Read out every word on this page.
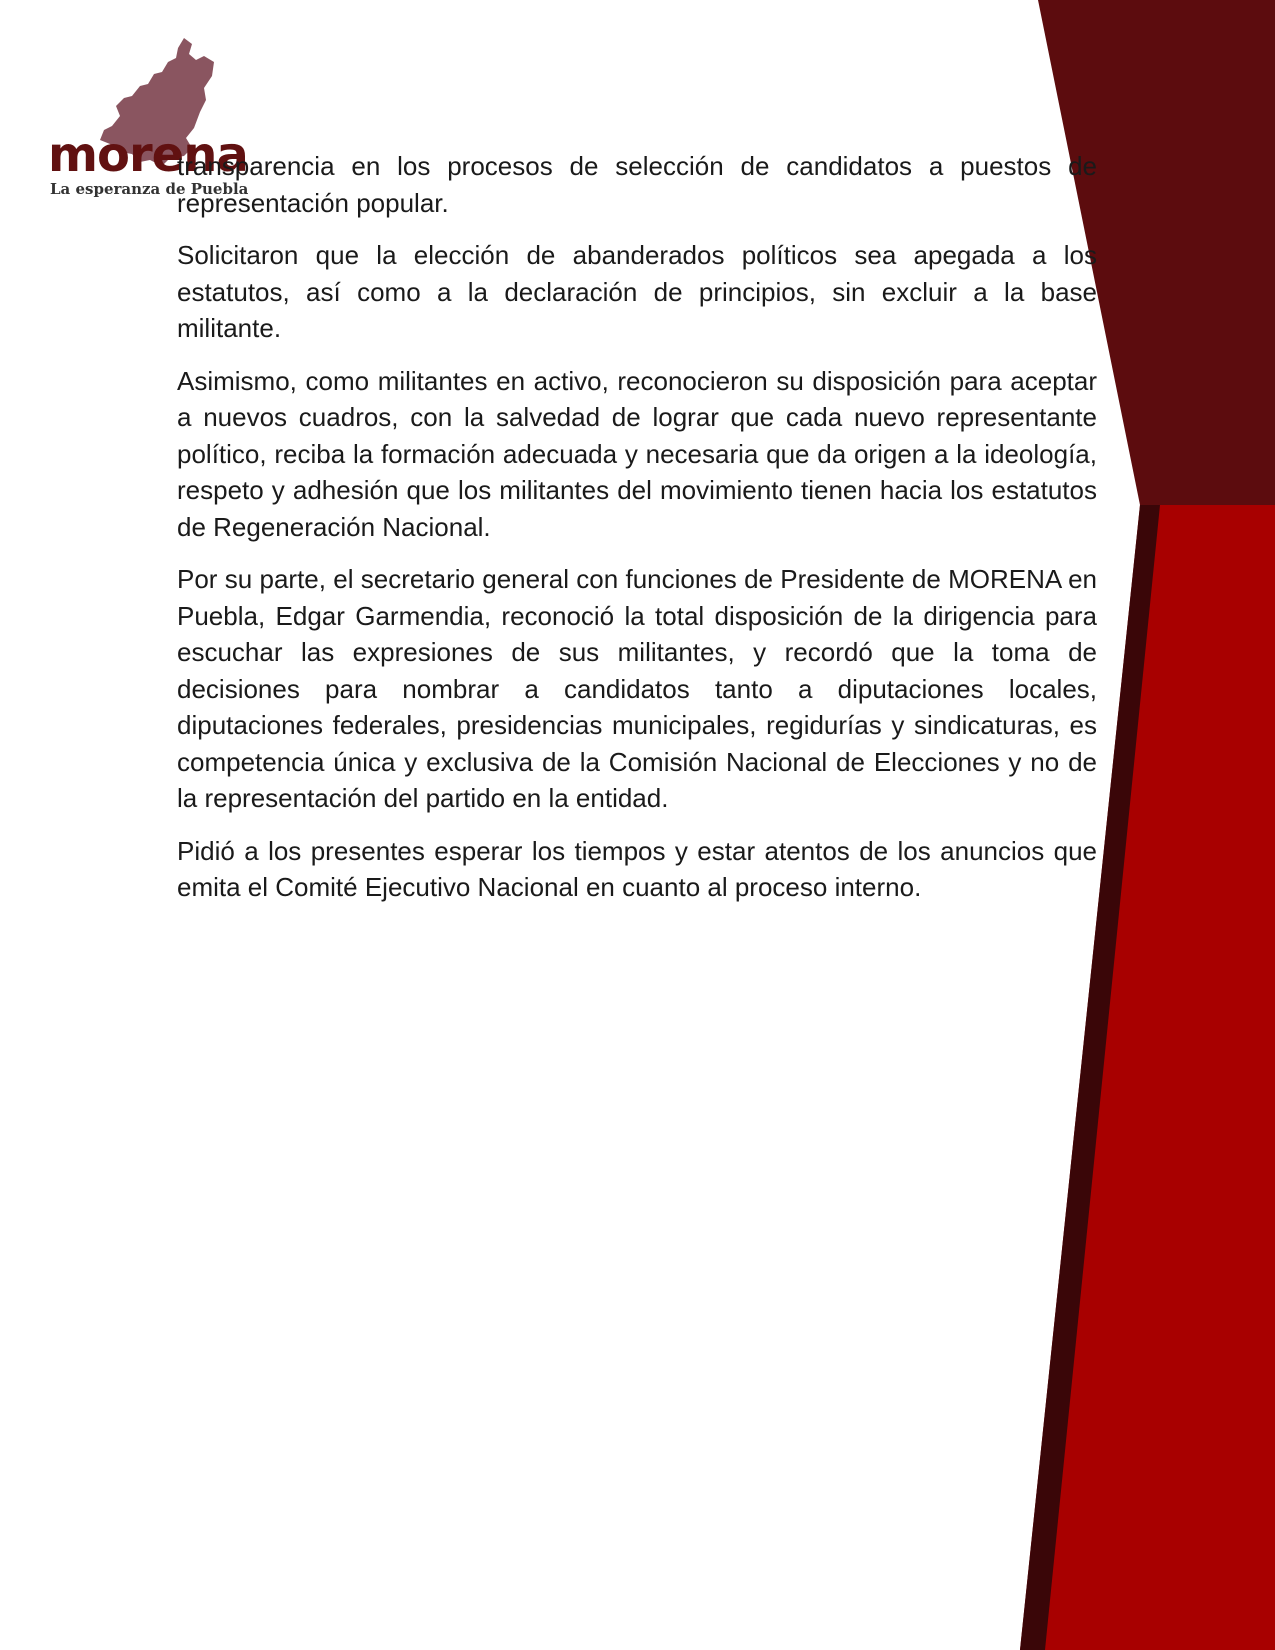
morena
La esperanza de Puebla

transparencia en los procesos de selección de candidatos a puestos de representación popular.

Solicitaron que la elección de abanderados políticos sea apegada a los estatutos, así como a la declaración de principios, sin excluir a la base militante.

Asimismo, como militantes en activo, reconocieron su disposición para aceptar a nuevos cuadros, con la salvedad de lograr que cada nuevo representante político, reciba la formación adecuada y necesaria que da origen a la ideología, respeto y adhesión que los militantes del movimiento tienen hacia los estatutos de Regeneración Nacional.

Por su parte, el secretario general con funciones de Presidente de MORENA en Puebla, Edgar Garmendia, reconoció la total disposición de la dirigencia para escuchar las expresiones de sus militantes, y recordó que la toma de decisiones para nombrar a candidatos tanto a diputaciones locales, diputaciones federales, presidencias municipales, regidurías y sindicaturas, es competencia única y exclusiva de la Comisión Nacional de Elecciones y no de la representación del partido en la entidad.

Pidió a los presentes esperar los tiempos y estar atentos de los anuncios que emita el Comité Ejecutivo Nacional en cuanto al proceso interno.
